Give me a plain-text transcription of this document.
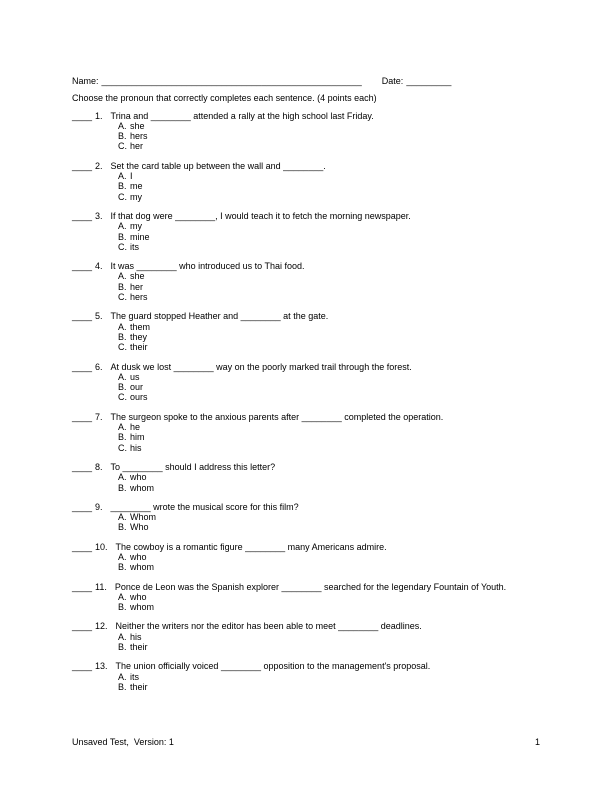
Name: ____________________________________________________ Date: _________
Choose the pronoun that correctly completes each sentence. (4 points each)
____ 1. Trina and ________ attended a rally at the high school last Friday.
A. she
B. hers
C. her
____ 2. Set the card table up between the wall and ________.
A. I
B. me
C. my
____ 3. If that dog were ________, I would teach it to fetch the morning newspaper.
A. my
B. mine
C. its
____ 4. It was ________ who introduced us to Thai food.
A. she
B. her
C. hers
____ 5. The guard stopped Heather and ________ at the gate.
A. them
B. they
C. their
____ 6. At dusk we lost ________ way on the poorly marked trail through the forest.
A. us
B. our
C. ours
____ 7. The surgeon spoke to the anxious parents after ________ completed the operation.
A. he
B. him
C. his
____ 8. To ________ should I address this letter?
A. who
B. whom
____ 9. ________ wrote the musical score for this film?
A. Whom
B. Who
____ 10. The cowboy is a romantic figure ________ many Americans admire.
A. who
B. whom
____ 11. Ponce de Leon was the Spanish explorer ________ searched for the legendary Fountain of Youth.
A. who
B. whom
____ 12. Neither the writers nor the editor has been able to meet ________ deadlines.
A. his
B. their
____ 13. The union officially voiced ________ opposition to the management's proposal.
A. its
B. their
Unsaved Test,  Version: 1	1
